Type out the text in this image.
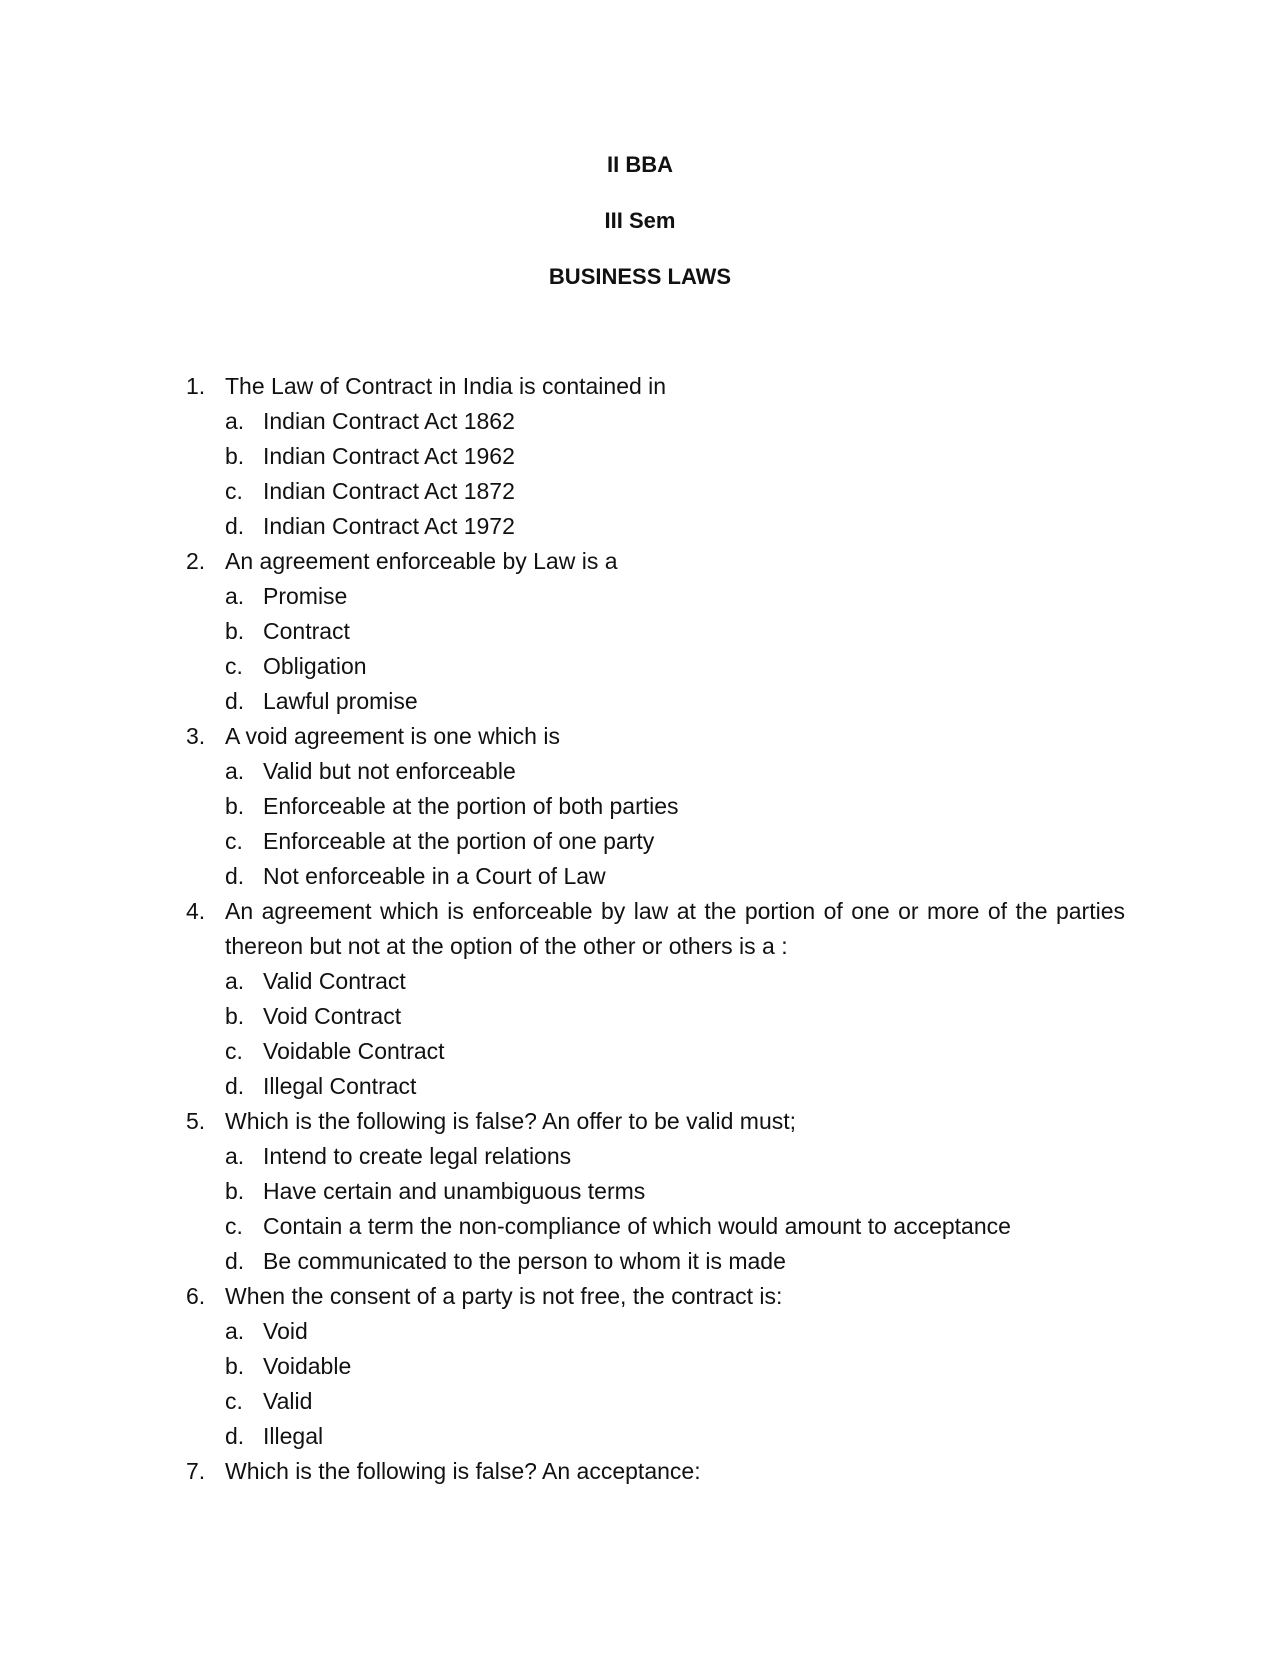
II BBA
III Sem
BUSINESS LAWS
1. The Law of Contract in India is contained in
a. Indian Contract Act 1862
b. Indian Contract Act 1962
c. Indian Contract Act 1872
d. Indian Contract Act 1972
2. An agreement enforceable by Law is a
a. Promise
b. Contract
c. Obligation
d. Lawful promise
3. A void agreement is one which is
a. Valid but not enforceable
b. Enforceable at the portion of both parties
c. Enforceable at the portion of one party
d. Not enforceable in a Court of Law
4. An agreement which is enforceable by law at the portion of one or more of the parties
thereon but not at the option of the other or others is a :
a. Valid Contract
b. Void Contract
c. Voidable Contract
d. Illegal Contract
5. Which is the following is false? An offer to be valid must;
a. Intend to create legal relations
b. Have certain and unambiguous terms
c. Contain a term the non-compliance of which would amount to acceptance
d. Be communicated to the person to whom it is made
6. When the consent of a party is not free, the contract is:
a. Void
b. Voidable
c. Valid
d. Illegal
7. Which is the following is false? An acceptance:
